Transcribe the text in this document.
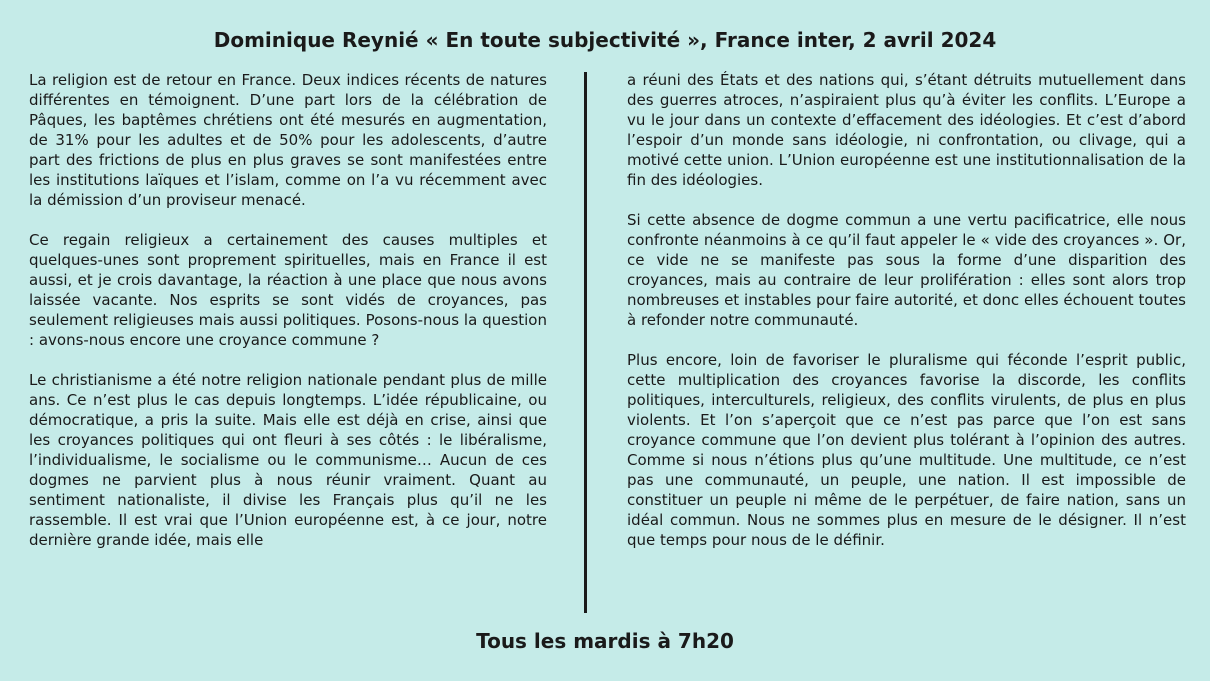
Dominique Reynié « En toute subjectivité », France inter, 2 avril 2024

La religion est de retour en France. Deux indices récents de natures différentes en témoignent. D’une part lors de la célébration de Pâques, les baptêmes chrétiens ont été mesurés en augmentation, de 31% pour les adultes et de 50% pour les adolescents, d’autre part des frictions de plus en plus graves se sont manifestées entre les institutions laïques et l’islam, comme on l’a vu récemment avec la démission d’un proviseur menacé.

Ce regain religieux a certainement des causes multiples et quelques-unes sont proprement spirituelles, mais en France il est aussi, et je crois davantage, la réaction à une place que nous avons laissée vacante. Nos esprits se sont vidés de croyances, pas seulement religieuses mais aussi politiques. Posons-nous la question : avons-nous encore une croyance commune ?

Le christianisme a été notre religion nationale pendant plus de mille ans. Ce n’est plus le cas depuis longtemps. L’idée républicaine, ou démocratique, a pris la suite. Mais elle est déjà en crise, ainsi que les croyances politiques qui ont fleuri à ses côtés : le libéralisme, l’individualisme, le socialisme ou le communisme… Aucun de ces dogmes ne parvient plus à nous réunir vraiment. Quant au sentiment nationaliste, il divise les Français plus qu’il ne les rassemble. Il est vrai que l’Union européenne est, à ce jour, notre dernière grande idée, mais elle

a réuni des États et des nations qui, s’étant détruits mutuellement dans des guerres atroces, n’aspiraient plus qu’à éviter les conflits. L’Europe a vu le jour dans un contexte d’effacement des idéologies. Et c’est d’abord l’espoir d’un monde sans idéologie, ni confrontation, ou clivage, qui a motivé cette union. L’Union européenne est une institutionnalisation de la fin des idéologies.

Si cette absence de dogme commun a une vertu pacificatrice, elle nous confronte néanmoins à ce qu’il faut appeler le « vide des croyances ». Or, ce vide ne se manifeste pas sous la forme d’une disparition des croyances, mais au contraire de leur prolifération : elles sont alors trop nombreuses et instables pour faire autorité, et donc elles échouent toutes à refonder notre communauté.

Plus encore, loin de favoriser le pluralisme qui féconde l’esprit public, cette multiplication des croyances favorise la discorde, les conflits politiques, interculturels, religieux, des conflits virulents, de plus en plus violents. Et l’on s’aperçoit que ce n’est pas parce que l’on est sans croyance commune que l’on devient plus tolérant à l’opinion des autres. Comme si nous n’étions plus qu’une multitude. Une multitude, ce n’est pas une communauté, un peuple, une nation. Il est impossible de constituer un peuple ni même de le perpétuer, de faire nation, sans un idéal commun. Nous ne sommes plus en mesure de le désigner. Il n’est que temps pour nous de le définir.

Tous les mardis à 7h20
